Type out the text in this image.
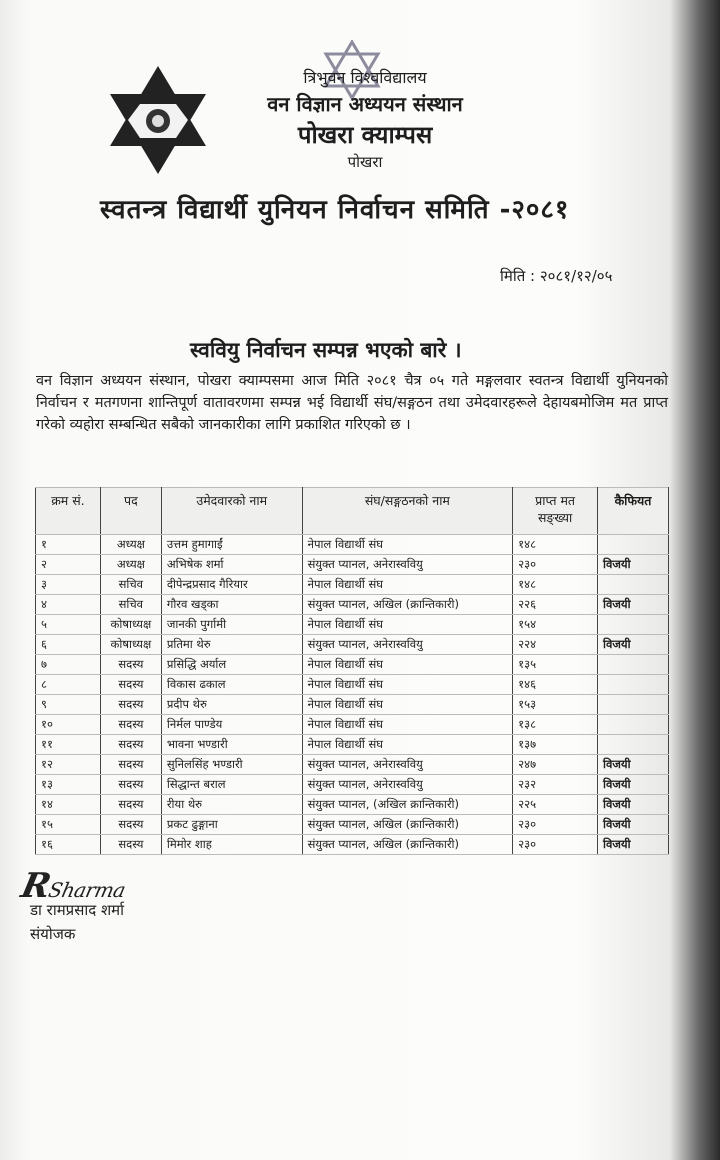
त्रिभुवन विश्वविद्यालय
वन विज्ञान अध्ययन संस्थान
पोखरा क्याम्पस
पोखरा
स्वतन्त्र विद्यार्थी युनियन निर्वाचन समिति -२०८१
मिति : २०८१/१२/०५
स्ववियु निर्वाचन सम्पन्न भएको बारे ।
वन विज्ञान अध्ययन संस्थान, पोखरा क्याम्पसमा आज मिति २०८१ चैत्र ०५ गते मङ्गलवार स्वतन्त्र विद्यार्थी युनियनको निर्वाचन र मतगणना शान्तिपूर्ण वातावरणमा सम्पन्न भई विद्यार्थी संघ/सङ्गठन तथा उमेदवारहरूले देहायबमोजिम मत प्राप्त गरेको व्यहोरा सम्बन्धित सबैको जानकारीका लागि प्रकाशित गरिएको छ ।
क्रम सं.	पद	उमेदवारको नाम	संघ/सङ्गठनको नाम	प्राप्त मत सङ्ख्या	कैफियत
१	अध्यक्ष	उत्तम हुमागाईं	नेपाल विद्यार्थी संघ	१४८	
२	अध्यक्ष	अभिषेक शर्मा	संयुक्त प्यानल, अनेरास्ववियु	२३०	विजयी
३	सचिव	दीपेन्द्रप्रसाद गैरियार	नेपाल विद्यार्थी संघ	१४८	
४	सचिव	गौरव खड्का	संयुक्त प्यानल, अखिल (क्रान्तिकारी)	२२६	विजयी
५	कोषाध्यक्ष	जानकी पुर्गामी	नेपाल विद्यार्थी संघ	१५४	
६	कोषाध्यक्ष	प्रतिमा थेरु	संयुक्त प्यानल, अनेरास्ववियु	२२४	विजयी
७	सदस्य	प्रसिद्धि अर्याल	नेपाल विद्यार्थी संघ	१३५	
८	सदस्य	विकास ढकाल	नेपाल विद्यार्थी संघ	१४६	
९	सदस्य	प्रदीप थेरु	नेपाल विद्यार्थी संघ	१५३	
१०	सदस्य	निर्मल पाण्डेय	नेपाल विद्यार्थी संघ	१३८	
११	सदस्य	भावना भण्डारी	नेपाल विद्यार्थी संघ	१३७	
१२	सदस्य	सुनिलसिंह भण्डारी	संयुक्त प्यानल, अनेरास्ववियु	२४७	विजयी
१३	सदस्य	सिद्धान्त बराल	संयुक्त प्यानल, अनेरास्ववियु	२३२	विजयी
१४	सदस्य	रीया थेरु	संयुक्त प्यानल, (अखिल क्रान्तिकारी)	२२५	विजयी
१५	सदस्य	प्रकट ढुङ्गाना	संयुक्त प्यानल, अखिल (क्रान्तिकारी)	२३०	विजयी
१६	सदस्य	मिमोर शाह	संयुक्त प्यानल, अखिल (क्रान्तिकारी)	२३०	विजयी
RSharma
डा रामप्रसाद शर्मा
संयोजक
